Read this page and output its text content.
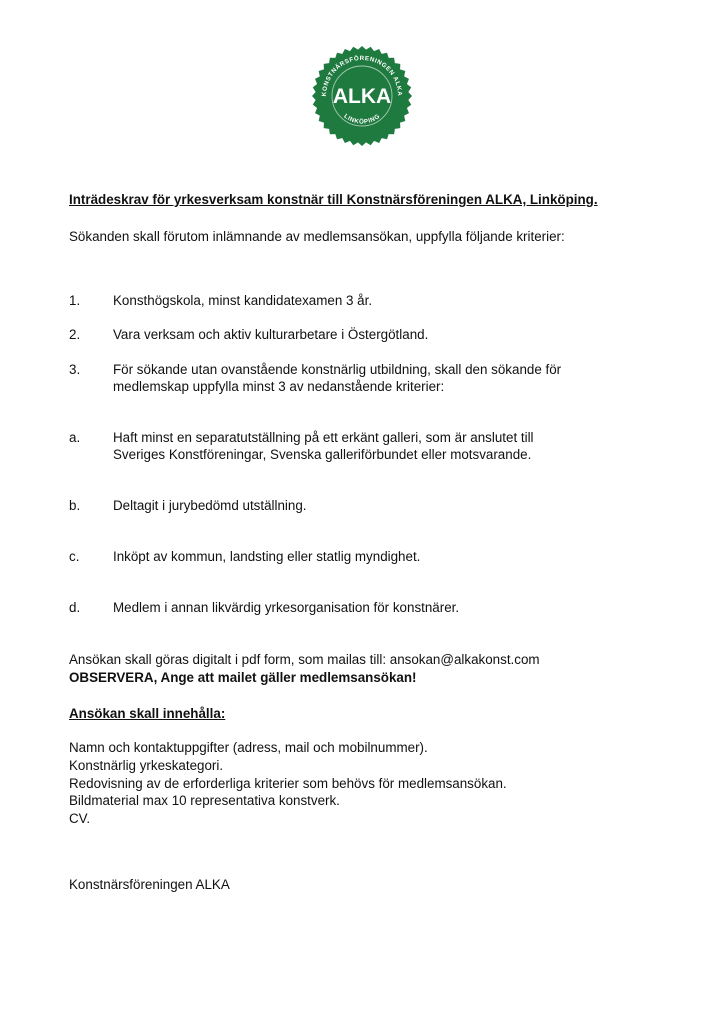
KONSTNÄRSFÖRENINGEN ALKA
LINKÖPING
ALKA
Inträdeskrav för yrkesverksam konstnär till Konstnärsföreningen ALKA, Linköping.
Sökanden skall förutom inlämnande av medlemsansökan, uppfylla följande kriterier:
1. Konsthögskola, minst kandidatexamen 3 år.
2. Vara verksam och aktiv kulturarbetare i Östergötland.
3. För sökande utan ovanstående konstnärlig utbildning, skall den sökande för
medlemskap uppfylla minst 3 av nedanstående kriterier:
a. Haft minst en separatutställning på ett erkänt galleri, som är anslutet till
Sveriges Konstföreningar, Svenska galleriförbundet eller motsvarande.
b. Deltagit i jurybedömd utställning.
c.	Inköpt av kommun, landsting eller statlig myndighet.
d. Medlem i annan likvärdig yrkesorganisation för konstnärer.
Ansökan skall göras digitalt i pdf form, som mailas till: ansokan@alkakonst.com
OBSERVERA, Ange att mailet gäller medlemsansökan!
Ansökan skall innehålla:
Namn och kontaktuppgifter (adress, mail och mobilnummer).
Konstnärlig yrkeskategori.
Redovisning av de erforderliga kriterier som behövs för medlemsansökan.
Bildmaterial max 10 representativa konstverk.
CV.
Konstnärsföreningen ALKA
